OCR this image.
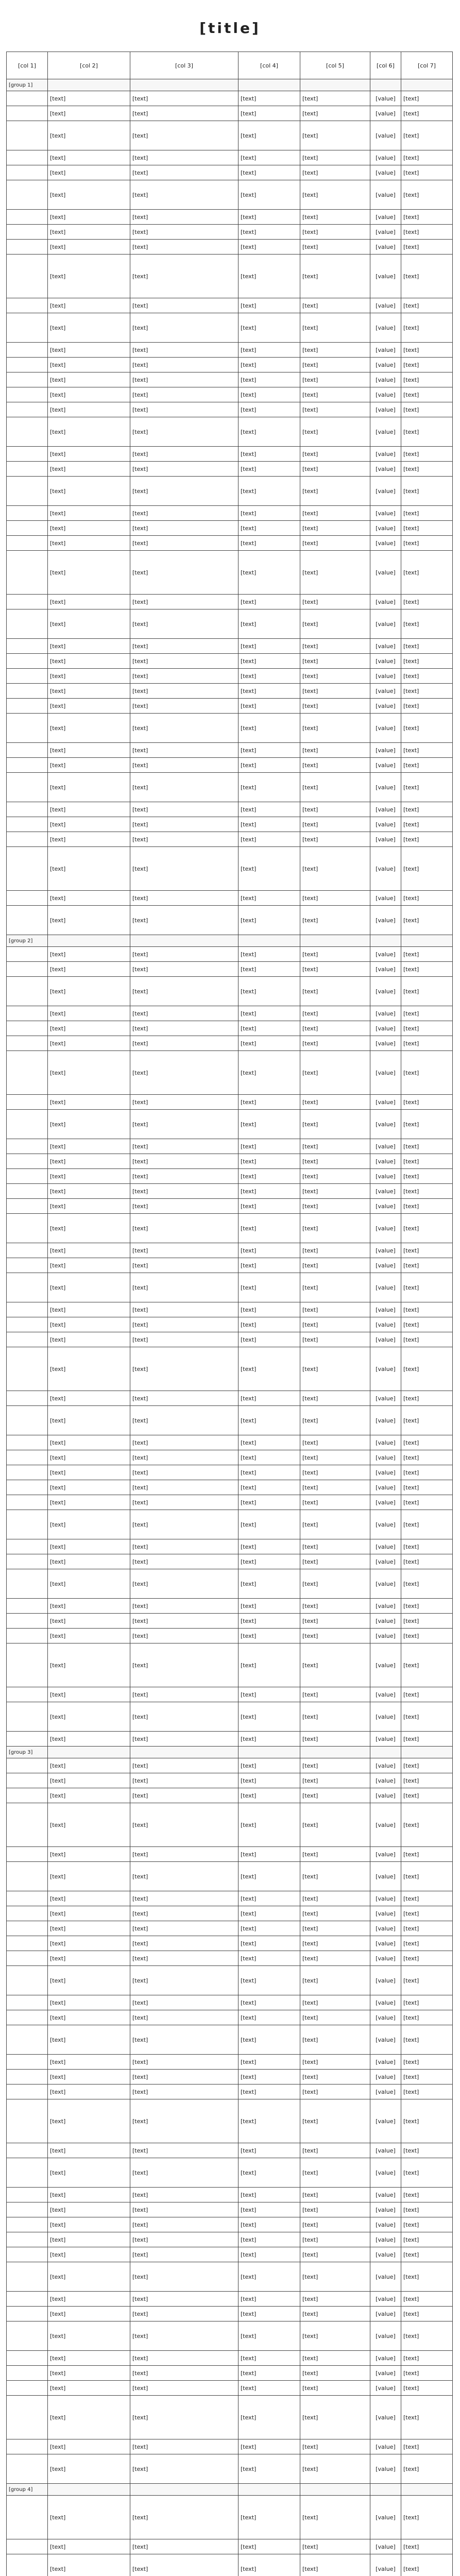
[title]
[col 1]	[col 2]	[col 3]	[col 4]	[col 5]	[col 6]	[col 7]
[group 1]						
	[text]	[text]	[text]	[text]	[value]	[text]
	[text]	[text]	[text]	[text]	[value]	[text]
	[text]	[text]	[text]	[text]	[value]	[text]
	[text]	[text]	[text]	[text]	[value]	[text]
	[text]	[text]	[text]	[text]	[value]	[text]
	[text]	[text]	[text]	[text]	[value]	[text]
	[text]	[text]	[text]	[text]	[value]	[text]
	[text]	[text]	[text]	[text]	[value]	[text]
	[text]	[text]	[text]	[text]	[value]	[text]
	[text]	[text]	[text]	[text]	[value]	[text]
	[text]	[text]	[text]	[text]	[value]	[text]
	[text]	[text]	[text]	[text]	[value]	[text]
	[text]	[text]	[text]	[text]	[value]	[text]
	[text]	[text]	[text]	[text]	[value]	[text]
	[text]	[text]	[text]	[text]	[value]	[text]
	[text]	[text]	[text]	[text]	[value]	[text]
	[text]	[text]	[text]	[text]	[value]	[text]
	[text]	[text]	[text]	[text]	[value]	[text]
	[text]	[text]	[text]	[text]	[value]	[text]
	[text]	[text]	[text]	[text]	[value]	[text]
	[text]	[text]	[text]	[text]	[value]	[text]
	[text]	[text]	[text]	[text]	[value]	[text]
	[text]	[text]	[text]	[text]	[value]	[text]
	[text]	[text]	[text]	[text]	[value]	[text]
	[text]	[text]	[text]	[text]	[value]	[text]
	[text]	[text]	[text]	[text]	[value]	[text]
	[text]	[text]	[text]	[text]	[value]	[text]
	[text]	[text]	[text]	[text]	[value]	[text]
	[text]	[text]	[text]	[text]	[value]	[text]
	[text]	[text]	[text]	[text]	[value]	[text]
	[text]	[text]	[text]	[text]	[value]	[text]
	[text]	[text]	[text]	[text]	[value]	[text]
	[text]	[text]	[text]	[text]	[value]	[text]
	[text]	[text]	[text]	[text]	[value]	[text]
	[text]	[text]	[text]	[text]	[value]	[text]
	[text]	[text]	[text]	[text]	[value]	[text]
	[text]	[text]	[text]	[text]	[value]	[text]
	[text]	[text]	[text]	[text]	[value]	[text]
	[text]	[text]	[text]	[text]	[value]	[text]
	[text]	[text]	[text]	[text]	[value]	[text]
	[text]	[text]	[text]	[text]	[value]	[text]
	[text]	[text]	[text]	[text]	[value]	[text]
[group 2]						
	[text]	[text]	[text]	[text]	[value]	[text]
	[text]	[text]	[text]	[text]	[value]	[text]
	[text]	[text]	[text]	[text]	[value]	[text]
	[text]	[text]	[text]	[text]	[value]	[text]
	[text]	[text]	[text]	[text]	[value]	[text]
	[text]	[text]	[text]	[text]	[value]	[text]
	[text]	[text]	[text]	[text]	[value]	[text]
	[text]	[text]	[text]	[text]	[value]	[text]
	[text]	[text]	[text]	[text]	[value]	[text]
	[text]	[text]	[text]	[text]	[value]	[text]
	[text]	[text]	[text]	[text]	[value]	[text]
	[text]	[text]	[text]	[text]	[value]	[text]
	[text]	[text]	[text]	[text]	[value]	[text]
	[text]	[text]	[text]	[text]	[value]	[text]
	[text]	[text]	[text]	[text]	[value]	[text]
	[text]	[text]	[text]	[text]	[value]	[text]
	[text]	[text]	[text]	[text]	[value]	[text]
	[text]	[text]	[text]	[text]	[value]	[text]
	[text]	[text]	[text]	[text]	[value]	[text]
	[text]	[text]	[text]	[text]	[value]	[text]
	[text]	[text]	[text]	[text]	[value]	[text]
	[text]	[text]	[text]	[text]	[value]	[text]
	[text]	[text]	[text]	[text]	[value]	[text]
	[text]	[text]	[text]	[text]	[value]	[text]
	[text]	[text]	[text]	[text]	[value]	[text]
	[text]	[text]	[text]	[text]	[value]	[text]
	[text]	[text]	[text]	[text]	[value]	[text]
	[text]	[text]	[text]	[text]	[value]	[text]
	[text]	[text]	[text]	[text]	[value]	[text]
	[text]	[text]	[text]	[text]	[value]	[text]
	[text]	[text]	[text]	[text]	[value]	[text]
	[text]	[text]	[text]	[text]	[value]	[text]
	[text]	[text]	[text]	[text]	[value]	[text]
	[text]	[text]	[text]	[text]	[value]	[text]
	[text]	[text]	[text]	[text]	[value]	[text]
	[text]	[text]	[text]	[text]	[value]	[text]
	[text]	[text]	[text]	[text]	[value]	[text]
	[text]	[text]	[text]	[text]	[value]	[text]
	[text]	[text]	[text]	[text]	[value]	[text]
	[text]	[text]	[text]	[text]	[value]	[text]
[group 3]						
	[text]	[text]	[text]	[text]	[value]	[text]
	[text]	[text]	[text]	[text]	[value]	[text]
	[text]	[text]	[text]	[text]	[value]	[text]
	[text]	[text]	[text]	[text]	[value]	[text]
	[text]	[text]	[text]	[text]	[value]	[text]
	[text]	[text]	[text]	[text]	[value]	[text]
	[text]	[text]	[text]	[text]	[value]	[text]
	[text]	[text]	[text]	[text]	[value]	[text]
	[text]	[text]	[text]	[text]	[value]	[text]
	[text]	[text]	[text]	[text]	[value]	[text]
	[text]	[text]	[text]	[text]	[value]	[text]
	[text]	[text]	[text]	[text]	[value]	[text]
	[text]	[text]	[text]	[text]	[value]	[text]
	[text]	[text]	[text]	[text]	[value]	[text]
	[text]	[text]	[text]	[text]	[value]	[text]
	[text]	[text]	[text]	[text]	[value]	[text]
	[text]	[text]	[text]	[text]	[value]	[text]
	[text]	[text]	[text]	[text]	[value]	[text]
	[text]	[text]	[text]	[text]	[value]	[text]
	[text]	[text]	[text]	[text]	[value]	[text]
	[text]	[text]	[text]	[text]	[value]	[text]
	[text]	[text]	[text]	[text]	[value]	[text]
	[text]	[text]	[text]	[text]	[value]	[text]
	[text]	[text]	[text]	[text]	[value]	[text]
	[text]	[text]	[text]	[text]	[value]	[text]
	[text]	[text]	[text]	[text]	[value]	[text]
	[text]	[text]	[text]	[text]	[value]	[text]
	[text]	[text]	[text]	[text]	[value]	[text]
	[text]	[text]	[text]	[text]	[value]	[text]
	[text]	[text]	[text]	[text]	[value]	[text]
	[text]	[text]	[text]	[text]	[value]	[text]
	[text]	[text]	[text]	[text]	[value]	[text]
	[text]	[text]	[text]	[text]	[value]	[text]
	[text]	[text]	[text]	[text]	[value]	[text]
	[text]	[text]	[text]	[text]	[value]	[text]
	[text]	[text]	[text]	[text]	[value]	[text]
[group 4]						
	[text]	[text]	[text]	[text]	[value]	[text]
	[text]	[text]	[text]	[text]	[value]	[text]
	[text]	[text]	[text]	[text]	[value]	[text]
